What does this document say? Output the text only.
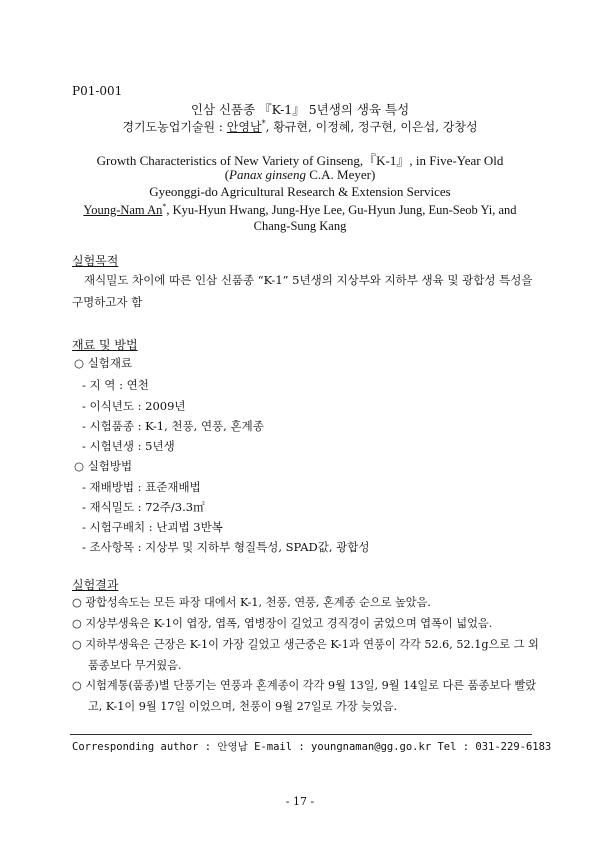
P01-001
인삼 신품종 『K-1』 5년생의 생육 특성
경기도농업기술원 : 안영남*, 황규현, 이정혜, 정구현, 이은섭, 강창성
Growth Characteristics of New Variety of Ginseng,『K-1』, in Five-Year Old
(Panax ginseng C.A. Meyer)
Gyeonggi-do Agricultural Research & Extension Services
Young-Nam An*, Kyu-Hyun Hwang, Jung-Hye Lee, Gu-Hyun Jung, Eun-Seob Yi, and
Chang-Sung Kang
실험목적
재식밀도 차이에 따른 인삼 신품종 “K-1” 5년생의 지상부와 지하부 생육 및 광합성 특성을 구명하고자 함
재료 및 방법
○ 실험재료
- 지 역 : 연천
- 이식년도 : 2009년
- 시험품종 : K-1, 천풍, 연풍, 혼계종
- 시험년생 : 5년생
○ 실험방법
- 재배방법 : 표준재배법
- 재식밀도 : 72주/3.3㎡
- 시험구배치 : 난괴법 3반복
- 조사항목 : 지상부 및 지하부 형질특성, SPAD값, 광합성
실험결과
○ 광합성속도는 모든 파장 대에서 K-1, 천풍, 연풍, 혼계종 순으로 높았음.
○ 지상부생육은 K-1이 엽장, 엽폭, 엽병장이 길었고 경직경이 굵었으며 엽폭이 넓었음.
○ 지하부생육은 근장은 K-1이 가장 길었고 생근중은 K-1과 연풍이 각각 52.6, 52.1g으로 그 외 품종보다 무거웠음.
○ 시험계통(품종)별 단풍기는 연풍과 혼계종이 각각 9월 13일, 9월 14일로 다른 품종보다 빨랐고, K-1이 9월 17일 이었으며, 천풍이 9월 27일로 가장 늦었음.
Corresponding author : 안영남 E-mail : youngnaman@gg.go.kr Tel : 031-229-6183
- 17 -
